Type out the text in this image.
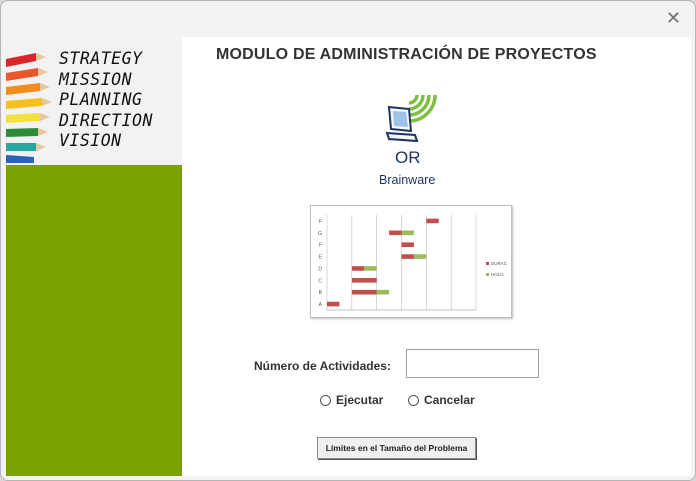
✕
STRATEGY
MISSION
PLANNING
DIRECTION
VISION
MODULO DE ADMINISTRACIÓN DE PROYECTOS
OR
Brainware
A
B
C
D
E
F
G
F
DURAC
HOLG
Número de Actividades:
Ejecutar	Cancelar
Límites en el Tamaño del Problema
